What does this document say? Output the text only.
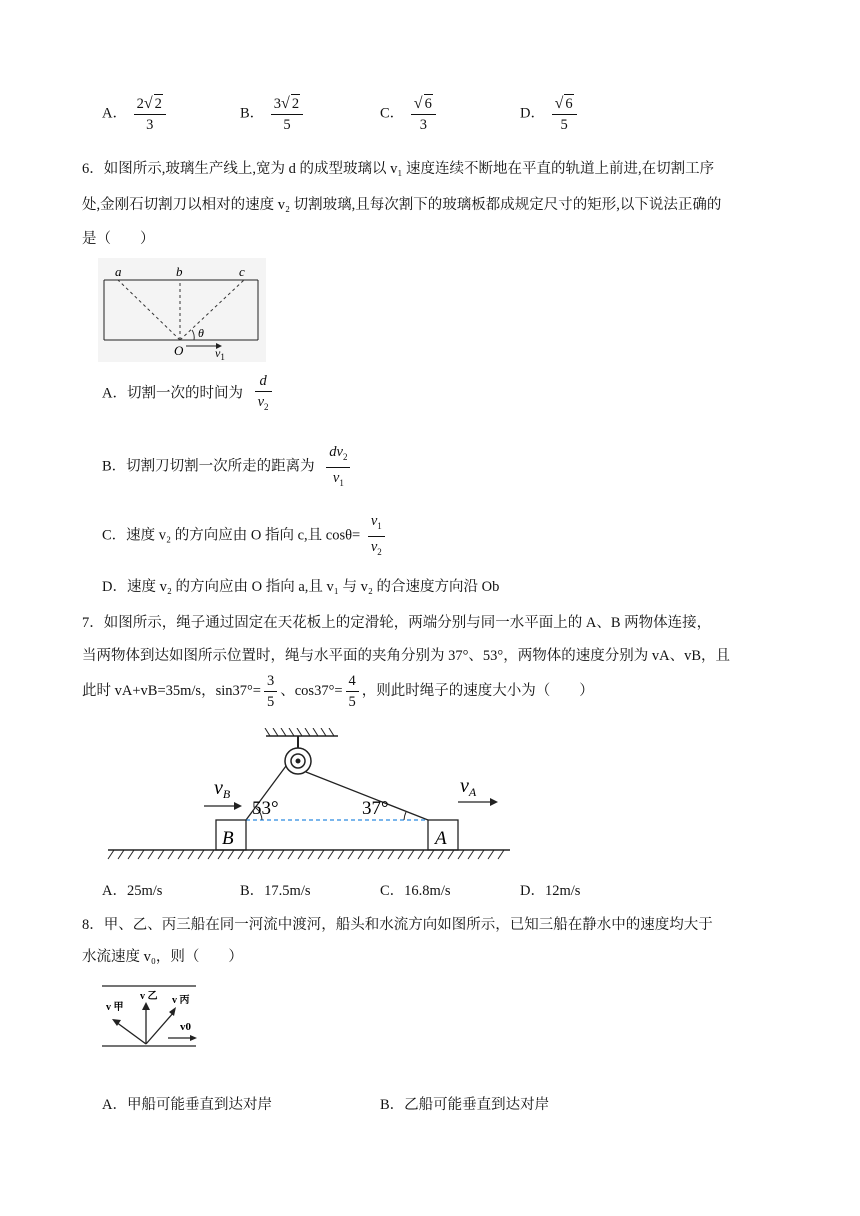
A． $\frac{2√ 2}{3}$	B． $\frac{3√ 2}{5}$	C． $\frac{√ 6}{3}$	D． $\frac{√ 6}{5}$
6．如图所示,玻璃生产线上,宽为 d 的成型玻璃以 v₁ 速度连续不断地在平直的轨道上前进,在切割工序
处,金刚石切割刀以相对的速度 v₂ 切割玻璃,且每次割下的玻璃板都成规定尺寸的矩形,以下说法正确的
是（　　）
a	b	c
O
θ
$v_1$
A．切割一次的时间为 $\frac{d}{v_2}$
B．切割刀切割一次所走的距离为 $\frac{dv_2}{v_1}$
C．速度 v₂ 的方向应由 O 指向 c,且 $\cos\theta= \frac{v_1}{v_2}$
D．速度 v₂ 的方向应由 O 指向 a,且 v₁ 与 v₂ 的合速度方向沿 Ob
7．如图所示，绳子通过固定在天花板上的定滑轮，两端分别与同一水平面上的 A、B 两物体连接，
当两物体到达如图所示位置时，绳与水平面的夹角分别为 37°、53°，两物体的速度分别为 vA、vB，且
此时 vA+vB=35m/s，$\sin 37^\circ= \frac{3}{5}$ 、$\cos 37^\circ= \frac{4}{5}$ ，则此时绳子的速度大小为（　　）
$v_B$	$v_A$
53°	37°
B	A
A．25m/s	B．17.5m/s	C．16.8m/s	D．12m/s
8．甲、乙、丙三船在同一河流中渡河，船头和水流方向如图所示，已知三船在静水中的速度均大于
水流速度 v₀，则（　　）
v 甲
v 乙 v 丙
v0
A．甲船可能垂直到达对岸	B．乙船可能垂直到达对岸
